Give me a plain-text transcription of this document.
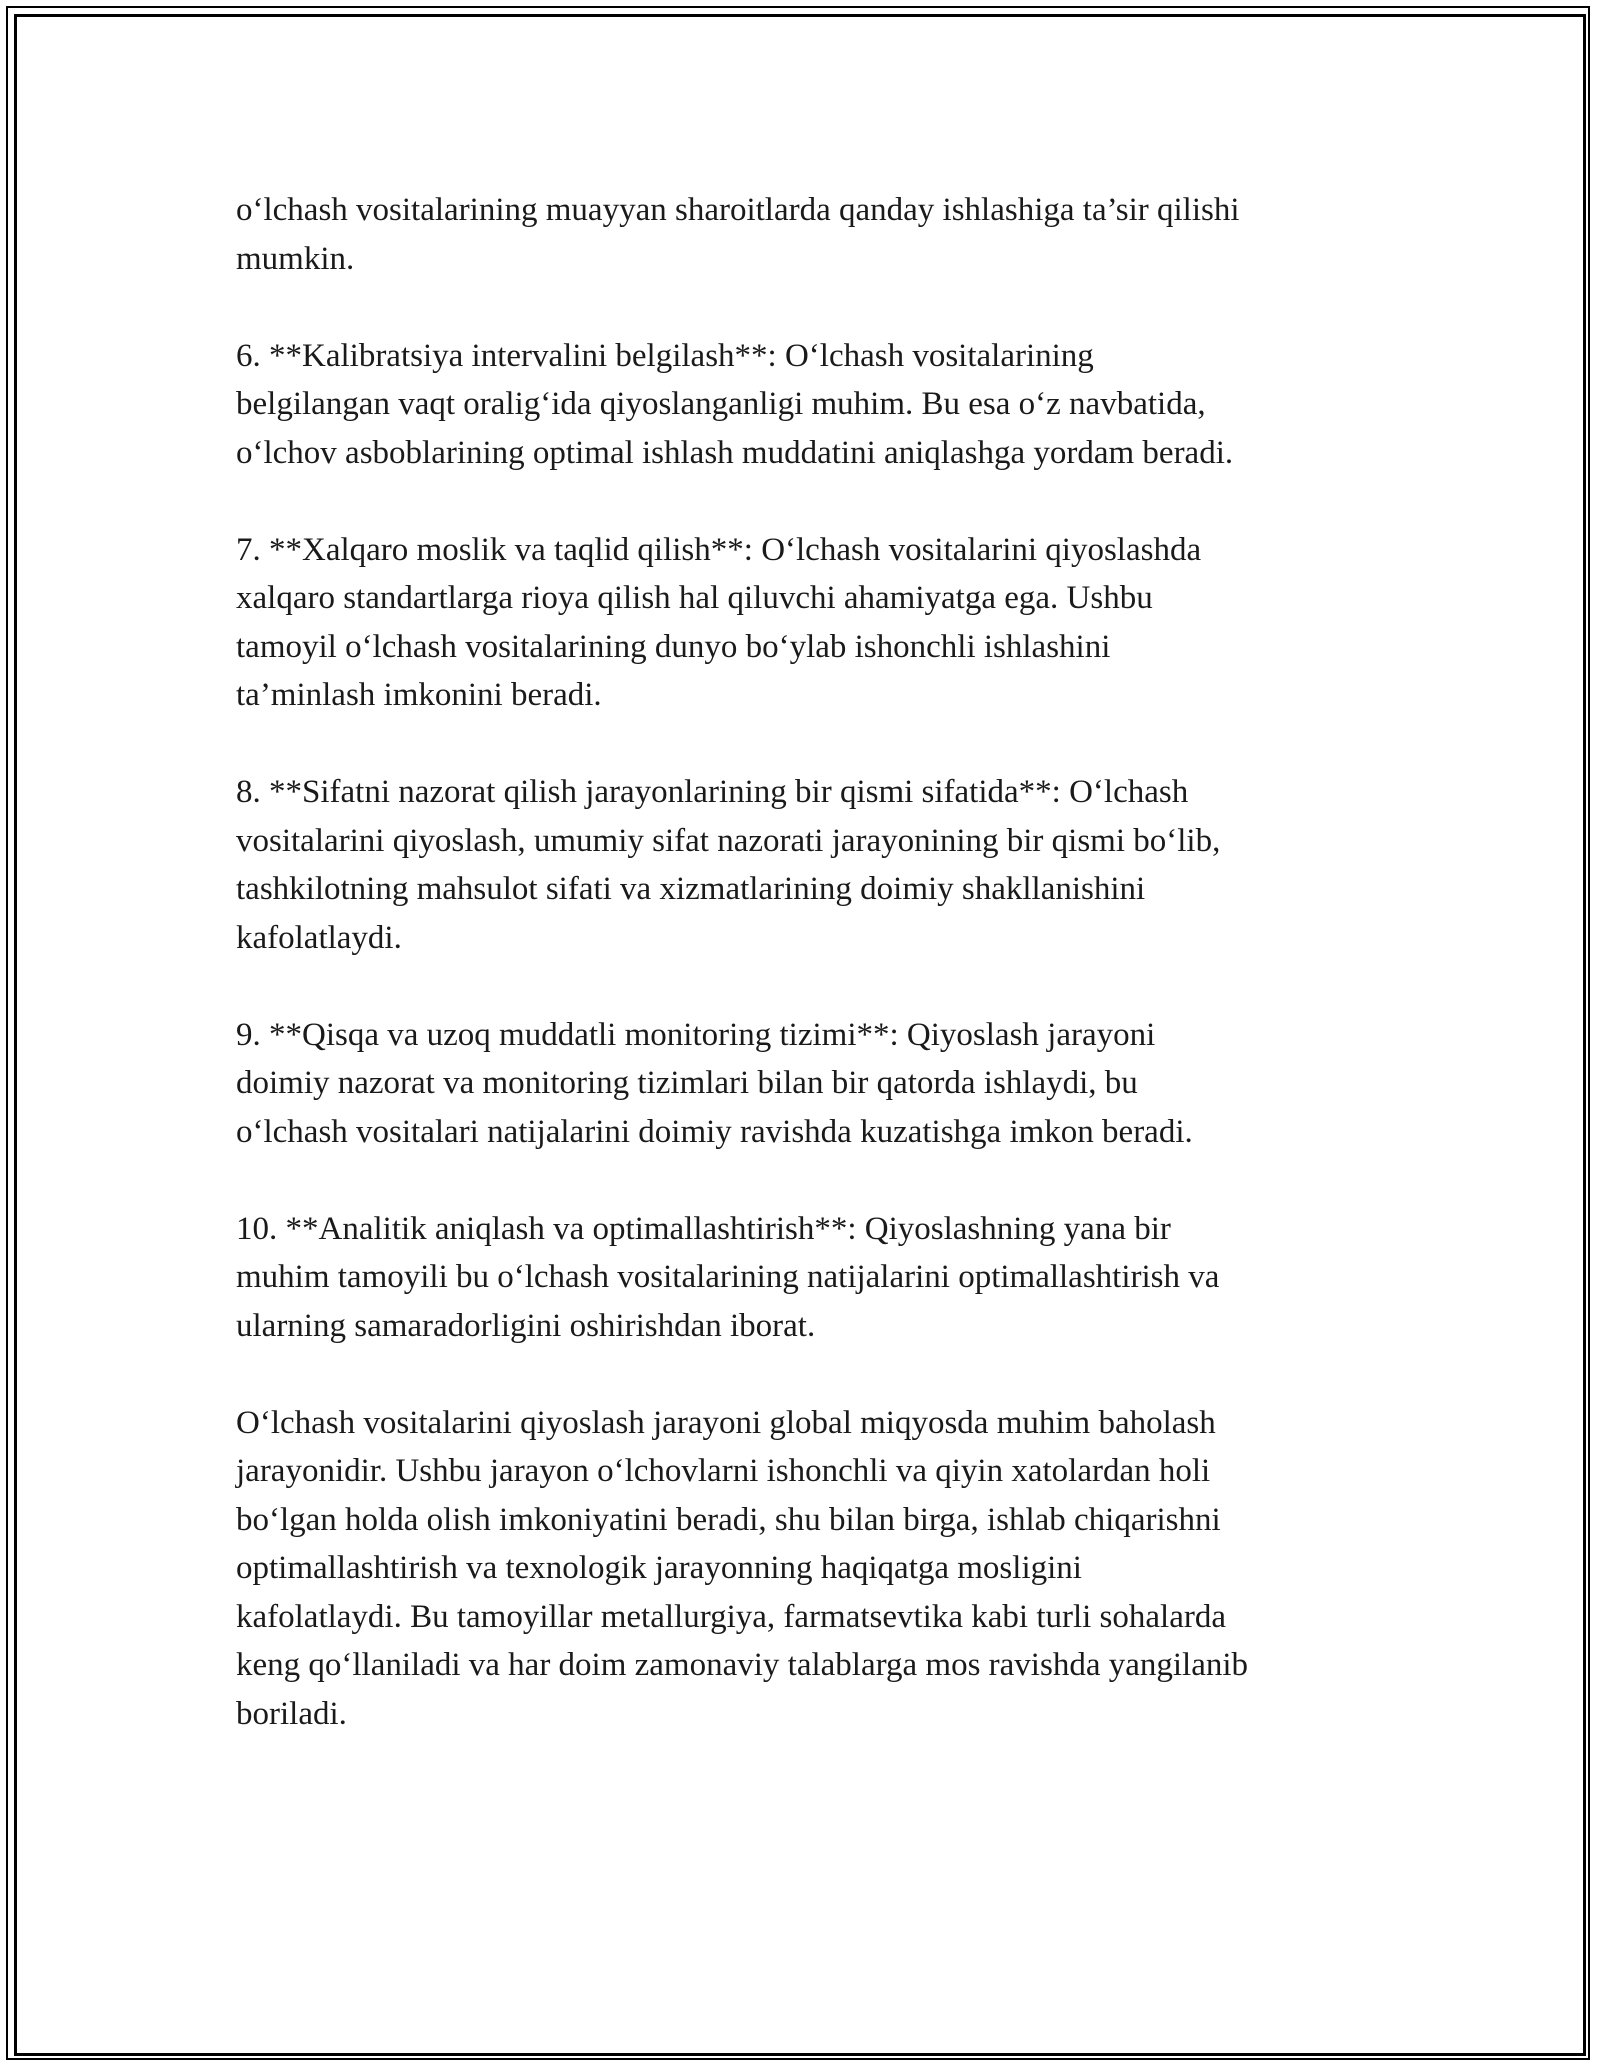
o‘lchash vositalarining muayyan sharoitlarda qanday ishlashiga ta’sir qilishi
mumkin.

6. **Kalibratsiya intervalini belgilash**: O‘lchash vositalarining
belgilangan vaqt oralig‘ida qiyoslanganligi muhim. Bu esa o‘z navbatida,
o‘lchov asboblarining optimal ishlash muddatini aniqlashga yordam beradi.

7. **Xalqaro moslik va taqlid qilish**: O‘lchash vositalarini qiyoslashda
xalqaro standartlarga rioya qilish hal qiluvchi ahamiyatga ega. Ushbu
tamoyil o‘lchash vositalarining dunyo bo‘ylab ishonchli ishlashini
ta’minlash imkonini beradi.

8. **Sifatni nazorat qilish jarayonlarining bir qismi sifatida**: O‘lchash
vositalarini qiyoslash, umumiy sifat nazorati jarayonining bir qismi bo‘lib,
tashkilotning mahsulot sifati va xizmatlarining doimiy shakllanishini
kafolatlaydi.

9. **Qisqa va uzoq muddatli monitoring tizimi**: Qiyoslash jarayoni
doimiy nazorat va monitoring tizimlari bilan bir qatorda ishlaydi, bu
o‘lchash vositalari natijalarini doimiy ravishda kuzatishga imkon beradi.

10. **Analitik aniqlash va optimallashtirish**: Qiyoslashning yana bir
muhim tamoyili bu o‘lchash vositalarining natijalarini optimallashtirish va
ularning samaradorligini oshirishdan iborat.

O‘lchash vositalarini qiyoslash jarayoni global miqyosda muhim baholash
jarayonidir. Ushbu jarayon o‘lchovlarni ishonchli va qiyin xatolardan holi
bo‘lgan holda olish imkoniyatini beradi, shu bilan birga, ishlab chiqarishni
optimallashtirish va texnologik jarayonning haqiqatga mosligini
kafolatlaydi. Bu tamoyillar metallurgiya, farmatsevtika kabi turli sohalarda
keng qo‘llaniladi va har doim zamonaviy talablarga mos ravishda yangilanib
boriladi.
